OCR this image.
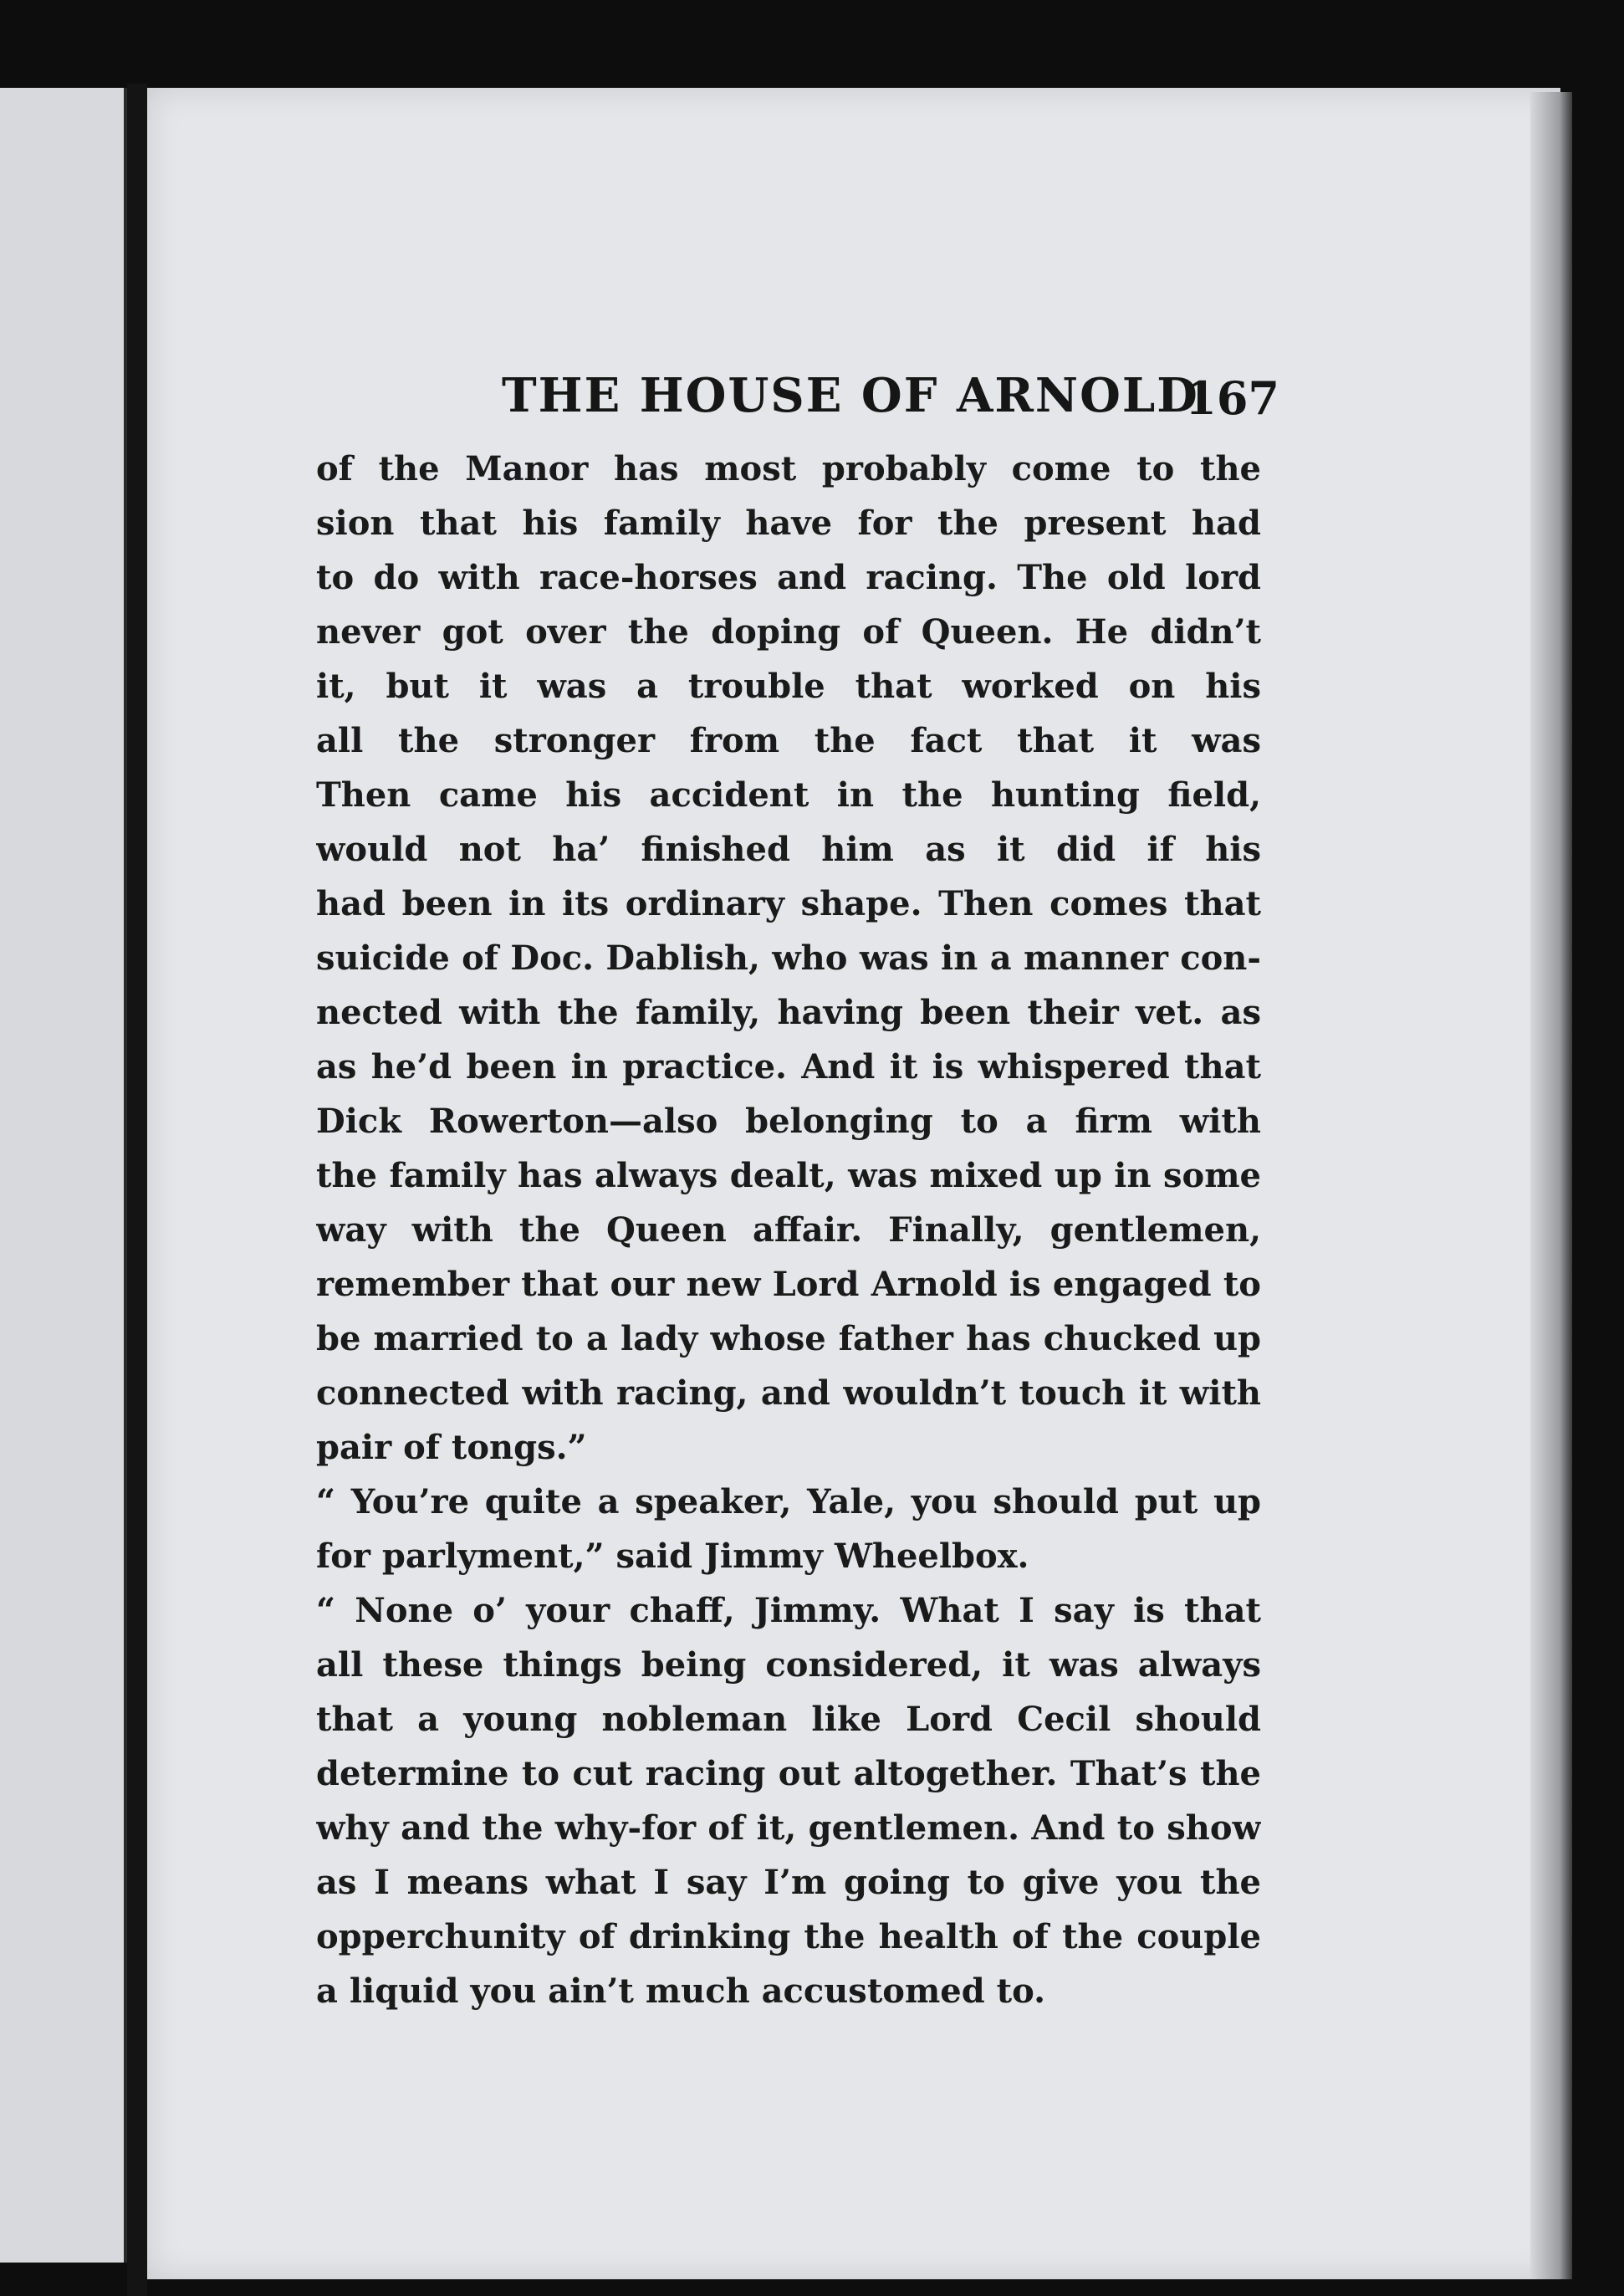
THE HOUSE OF ARNOLD
167
of the Manor has most probably come to the
sion that his family have for the present had
to do with race-horses and racing. The old lord
never got over the doping of Queen. He didn’t
it, but it was a trouble that worked on his
all the stronger from the fact that it was
Then came his accident in the hunting field,
would not ha’ finished him as it did if his
had been in its ordinary shape. Then comes that
suicide of Doc. Dablish, who was in a manner con-
nected with the family, having been their vet. as
as he’d been in practice. And it is whispered that
Dick Rowerton—also belonging to a firm with
the family has always dealt, was mixed up in some
way with the Queen affair. Finally, gentlemen,
remember that our new Lord Arnold is engaged to
be married to a lady whose father has chucked up
connected with racing, and wouldn’t touch it with
pair of tongs.”
“ You’re quite a speaker, Yale, you should put up
for parlyment,” said Jimmy Wheelbox.
“ None o’ your chaff, Jimmy. What I say is that
all these things being considered, it was always
that a young nobleman like Lord Cecil should
determine to cut racing out altogether. That’s the
why and the why-for of it, gentlemen. And to show
as I means what I say I’m going to give you the
opperchunity of drinking the health of the couple
a liquid you ain’t much accustomed to.
